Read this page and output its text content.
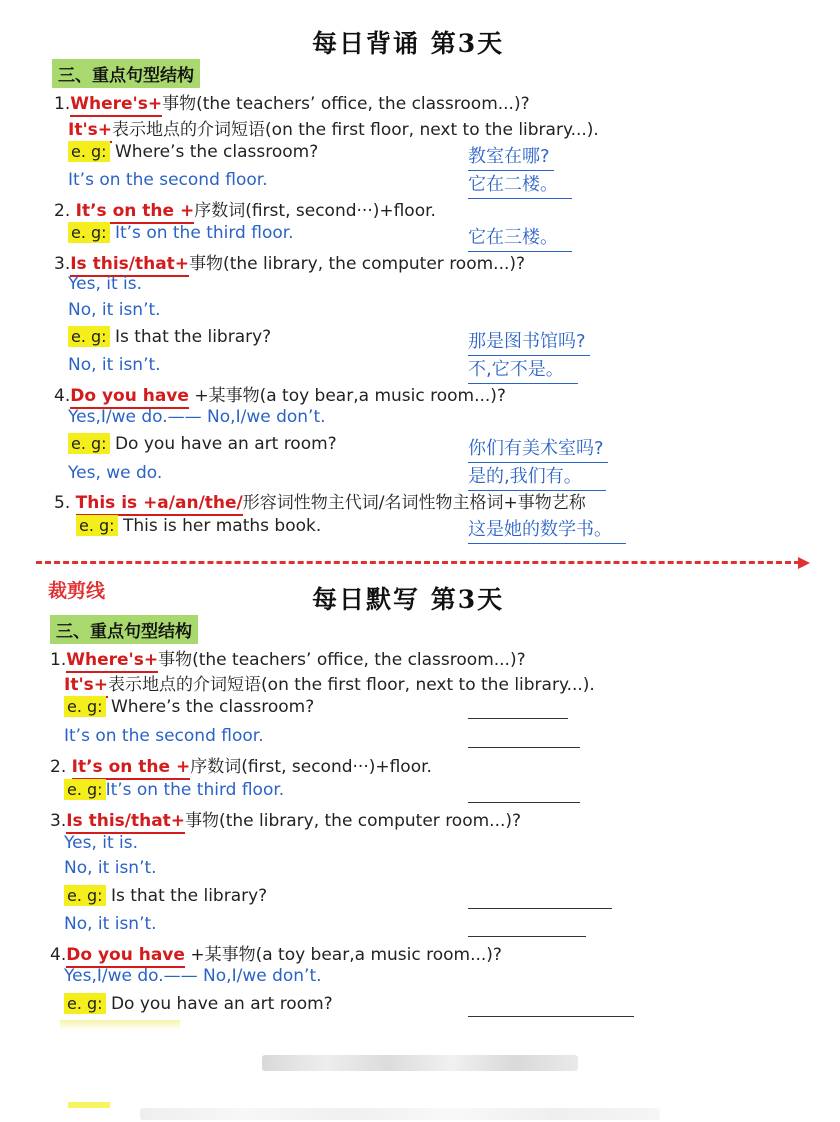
每日背诵 第3天
三、重点句型结构
1.Where's+事物(the teachers’ office, the classroom...)?
It's+表示地点的介词短语(on the first floor, next to the library...).
e. g: Where’s the classroom?	教室在哪?
It’s on the second floor.	它在二楼。
2. It’s on the +序数词(first, second···)+floor.
e. g: It’s on the third floor.	它在三楼。
3.Is this/that+事物(the library, the computer room...)?
Yes, it is.
No, it isn’t.
e. g: Is that the library?	那是图书馆吗?
No, it isn’t.	不,它不是。
4.Do you have +某事物(a toy bear,a music room...)?
Yes,I/we do.—— No,I/we don’t.
e. g: Do you have an art room?	你们有美术室吗?
Yes, we do.	是的,我们有。
5. This is +a/an/the/形容词性物主代词/名词性物主格词+事物艺称
e. g: This is her maths book.	这是她的数学书。
裁剪线	每日默写 第3天
三、重点句型结构
1.Where's+事物(the teachers’ office, the classroom...)?
It's+表示地点的介词短语(on the first floor, next to the library...).
e. g: Where’s the classroom?
It’s on the second floor.
2. It’s on the +序数词(first, second···)+floor.
e. g: It’s on the third floor.
3.Is this/that+事物(the library, the computer room...)?
Yes, it is.
No, it isn’t.
e. g: Is that the library?
No, it isn’t.
4.Do you have +某事物(a toy bear,a music room...)?
Yes,I/we do.—— No,I/we don’t.
e. g: Do you have an art room?
